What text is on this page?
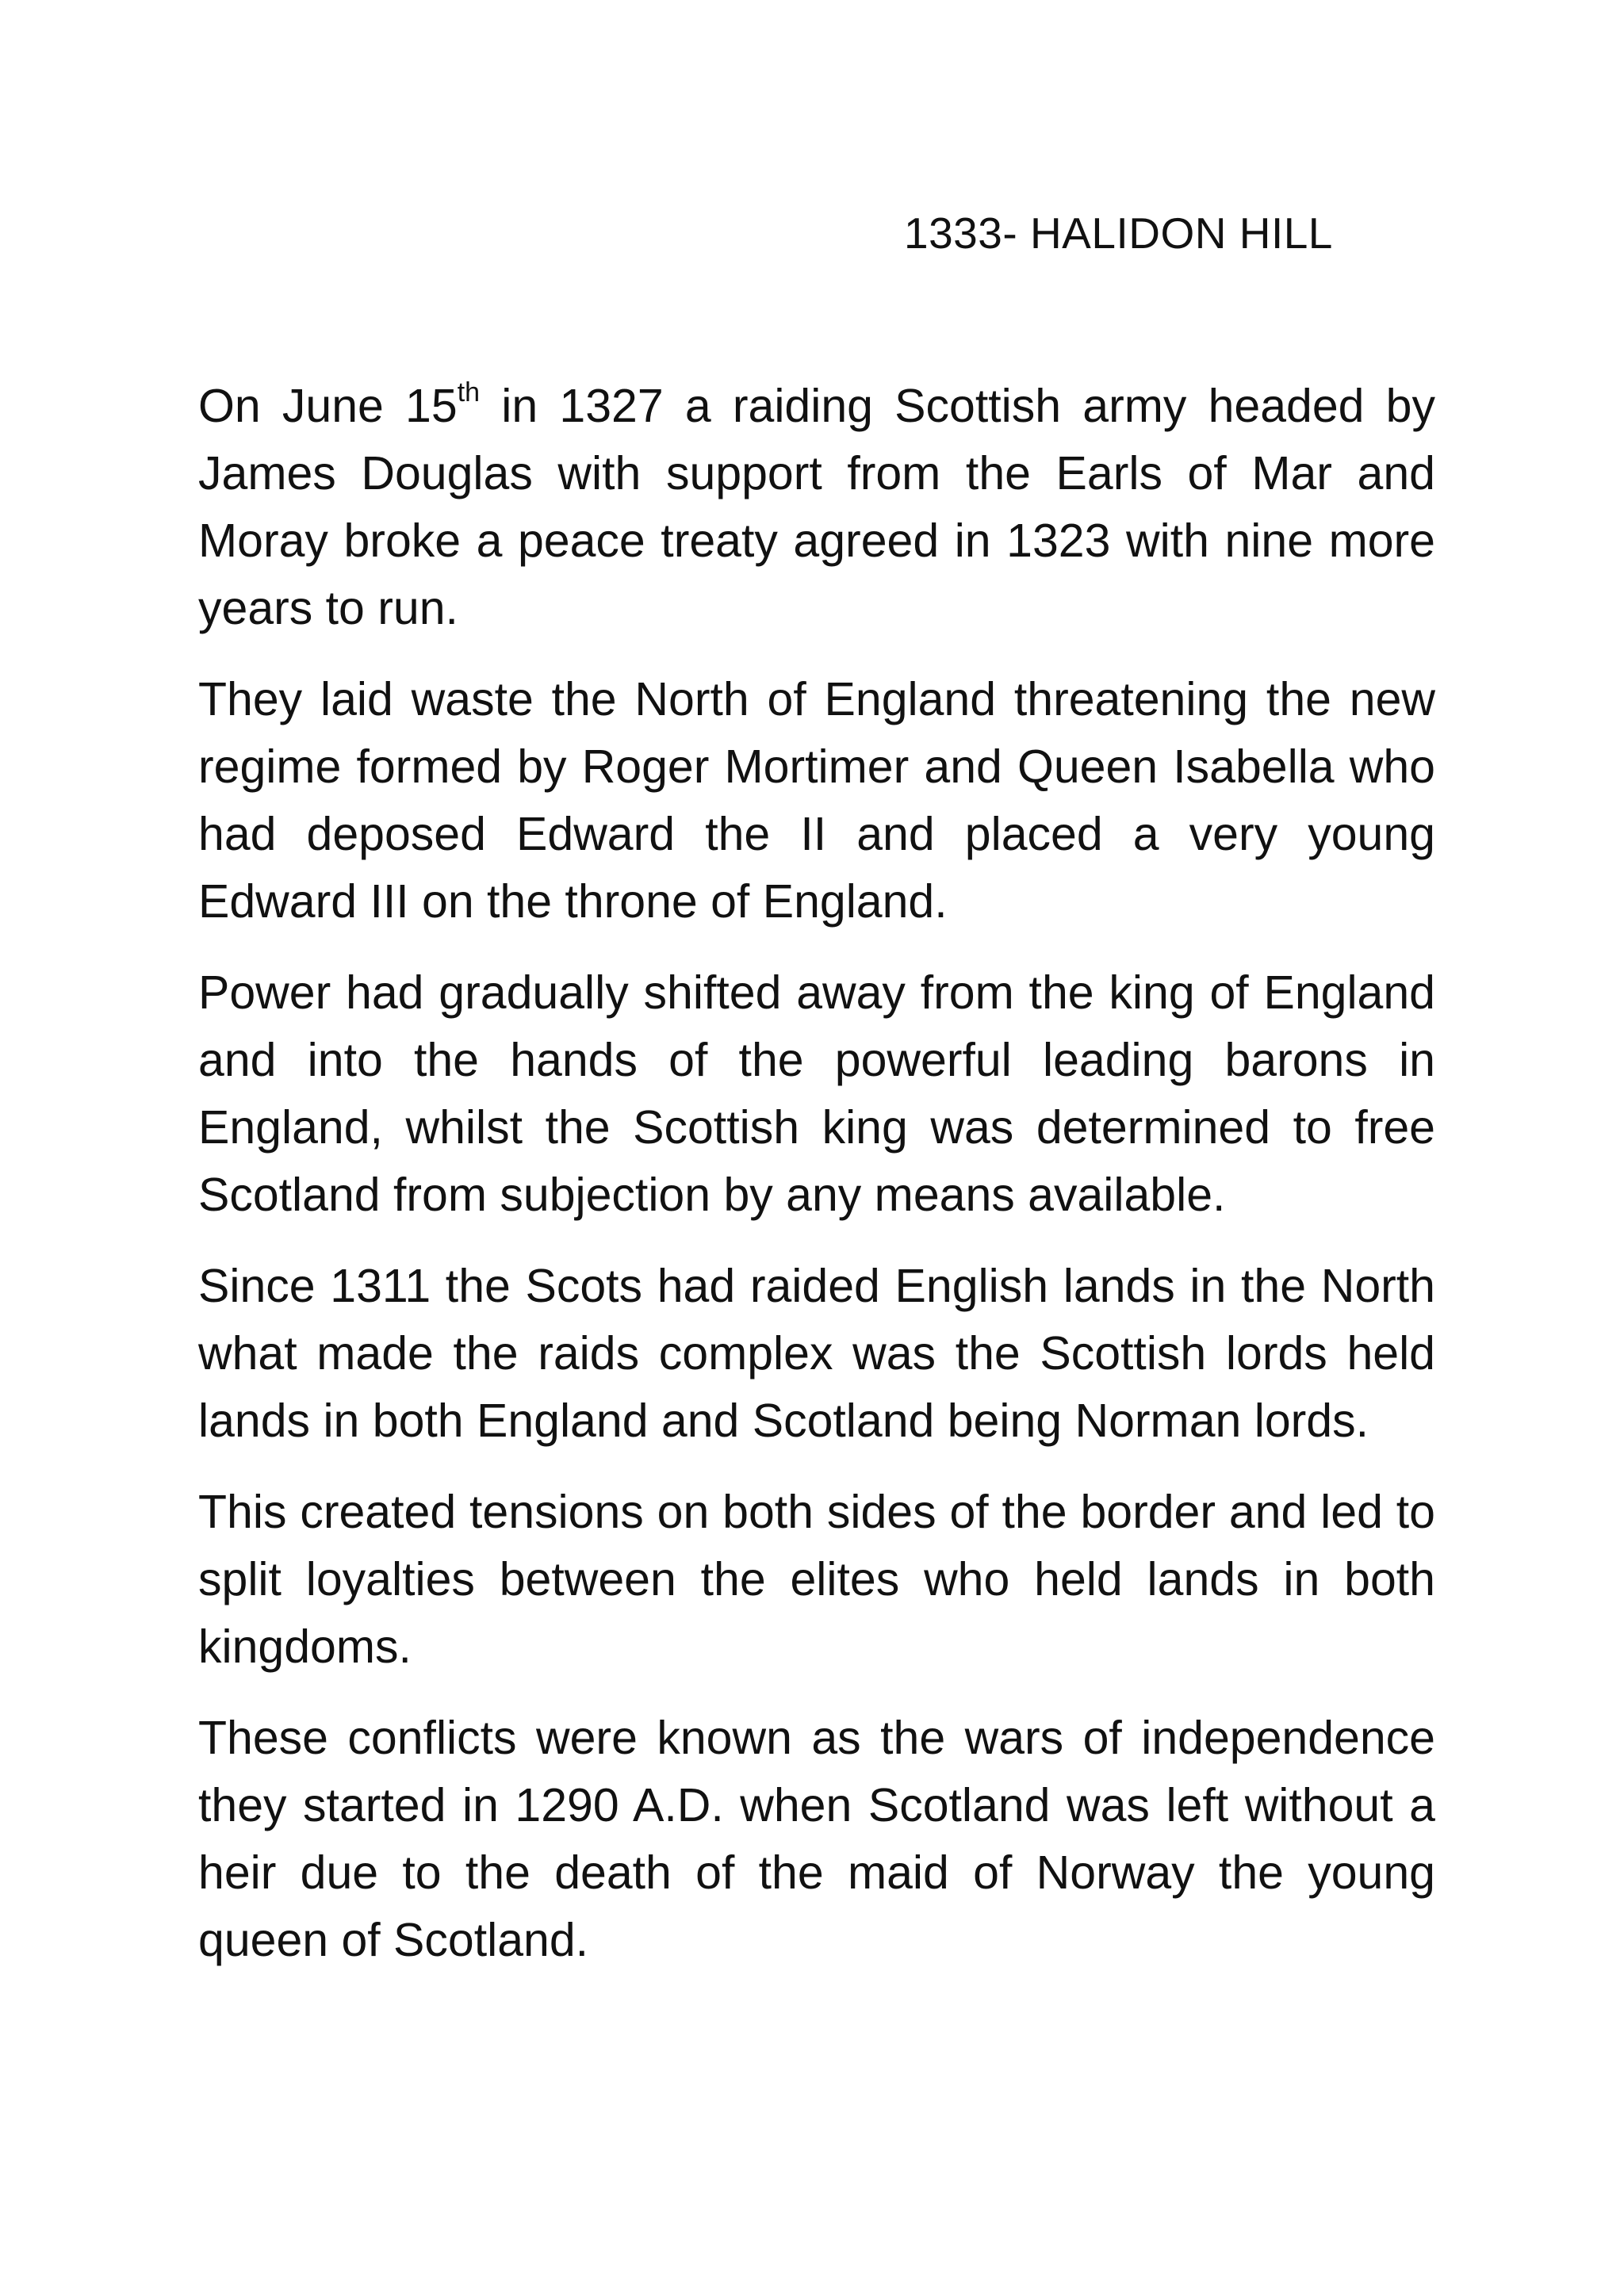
1333- HALIDON HILL

On June 15th in 1327 a raiding Scottish army headed by James Douglas with support from the Earls of Mar and Moray broke a peace treaty agreed in 1323 with nine more years to run.

They laid waste the North of England threatening the new regime formed by Roger Mortimer and Queen Isabella who had deposed Edward the II and placed a very young Edward III on the throne of England.

Power had gradually shifted away from the king of England and into the hands of the powerful leading barons in England, whilst the Scottish king was determined to free Scotland from subjection by any means available.

Since 1311 the Scots had raided English lands in the North what made the raids complex was the Scottish lords held lands in both England and Scotland being Norman lords.

This created tensions on both sides of the border and led to split loyalties between the elites who held lands in both kingdoms.

These conflicts were known as the wars of independence they started in 1290 A.D. when Scotland was left without a heir due to the death of the maid of Norway the young queen of Scotland.
